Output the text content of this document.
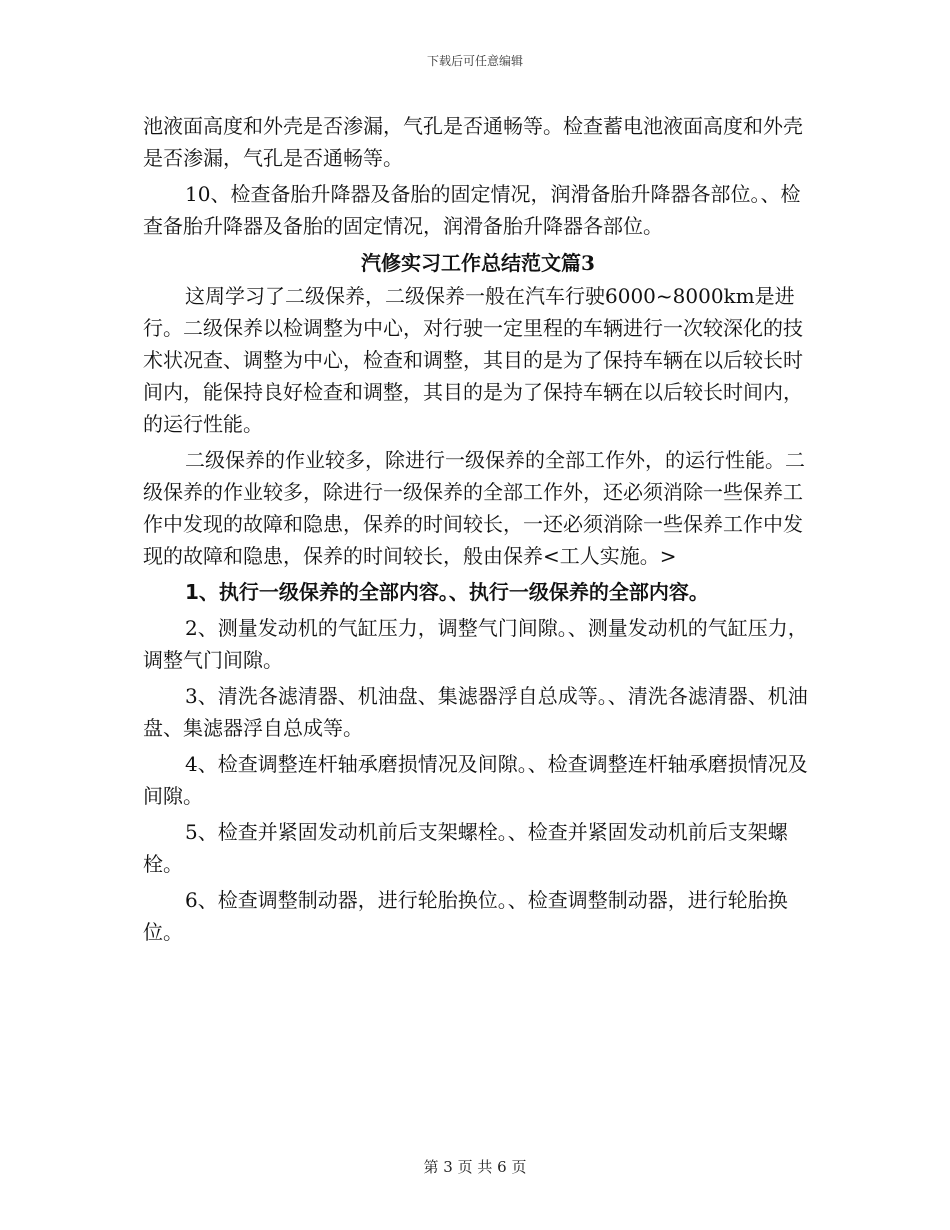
下载后可任意编辑

池液面高度和外壳是否渗漏，气孔是否通畅等。检查蓄电池液面高度和外壳是否渗漏，气孔是否通畅等。

10、检查备胎升降器及备胎的固定情况，润滑备胎升降器各部位。、检查备胎升降器及备胎的固定情况，润滑备胎升降器各部位。

汽修实习工作总结范文篇3

这周学习了二级保养，二级保养一般在汽车行驶6000~8000km是进行。二级保养以检调整为中心，对行驶一定里程的车辆进行一次较深化的技术状况查、调整为中心，检查和调整，其目的是为了保持车辆在以后较长时间内，能保持良好检查和调整，其目的是为了保持车辆在以后较长时间内，的运行性能。

二级保养的作业较多，除进行一级保养的全部工作外，的运行性能。二级保养的作业较多，除进行一级保养的全部工作外，还必须消除一些保养工作中发现的故障和隐患，保养的时间较长，一还必须消除一些保养工作中发现的故障和隐患，保养的时间较长，般由保养<工人实施。>

1、执行一级保养的全部内容。、执行一级保养的全部内容。

2、测量发动机的气缸压力，调整气门间隙。、测量发动机的气缸压力，调整气门间隙。

3、清洗各滤清器、机油盘、集滤器浮自总成等。、清洗各滤清器、机油盘、集滤器浮自总成等。

4、检查调整连杆轴承磨损情况及间隙。、检查调整连杆轴承磨损情况及间隙。

5、检查并紧固发动机前后支架螺栓。、检查并紧固发动机前后支架螺栓。

6、检查调整制动器，进行轮胎换位。、检查调整制动器，进行轮胎换位。

第 3 页 共 6 页
